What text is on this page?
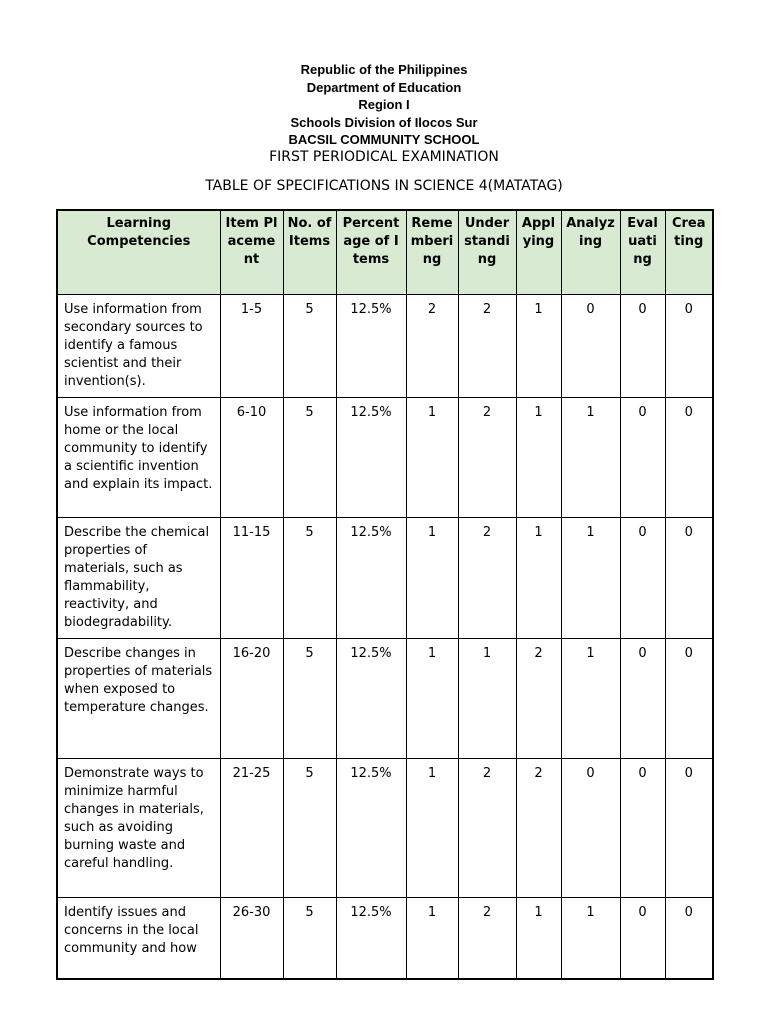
Republic of the Philippines
Department of Education
Region I
Schools Division of Ilocos Sur
BACSIL COMMUNITY SCHOOL
FIRST PERIODICAL EXAMINATION
TABLE OF SPECIFICATIONS IN SCIENCE 4(MATATAG)
Learning Competencies	Item Placement	No. of Items	Percentage of Items	Remembering	Understanding	Applying	Analyzing	Evaluating	Creating
Use information from secondary sources to identify a famous scientist and their invention(s).	1-5	5	12.5%	2	2	1	0	0	0
Use information from home or the local community to identify a scientific invention and explain its impact.	6-10	5	12.5%	1	2	1	1	0	0
Describe the chemical properties of materials, such as flammability, reactivity, and biodegradability.	11-15	5	12.5%	1	2	1	1	0	0
Describe changes in properties of materials when exposed to temperature changes.	16-20	5	12.5%	1	1	2	1	0	0
Demonstrate ways to minimize harmful changes in materials, such as avoiding burning waste and careful handling.	21-25	5	12.5%	1	2	2	0	0	0
Identify issues and concerns in the local community and how	26-30	5	12.5%	1	2	1	1	0	0
